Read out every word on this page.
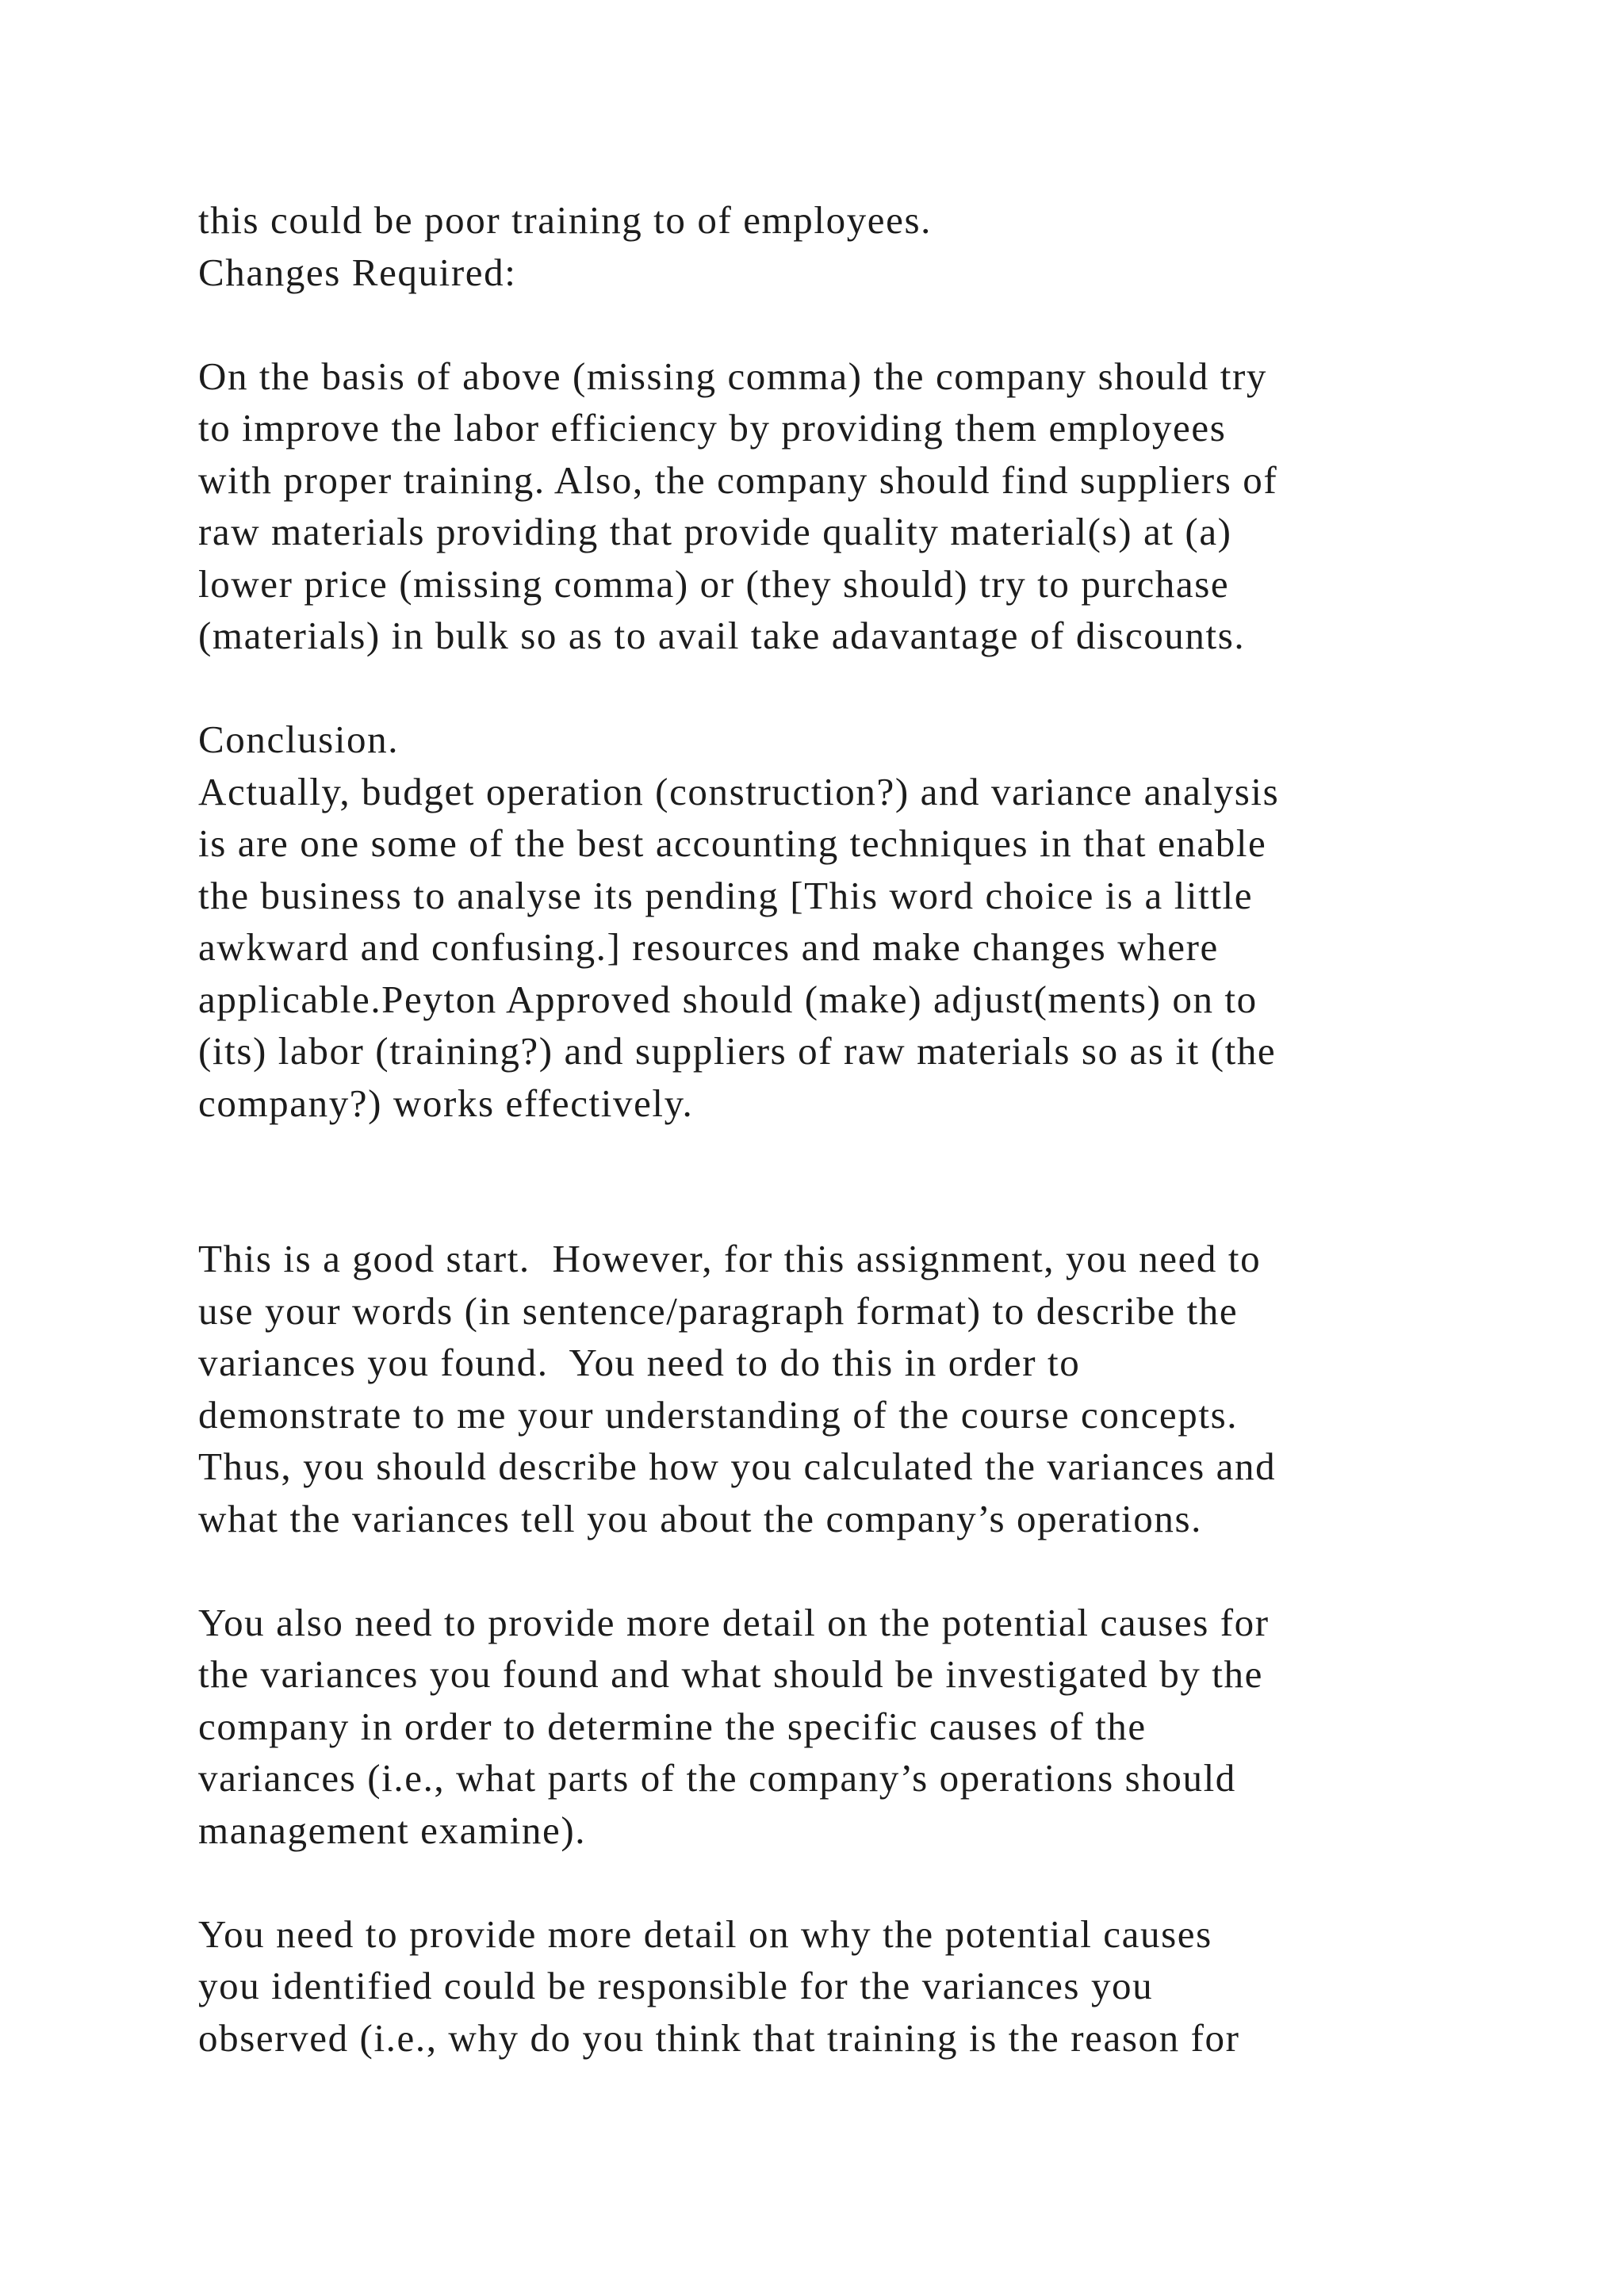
this could be poor training to of employees.
Changes Required:
On the basis of above (missing comma) the company should try
to improve the labor efficiency by providing them employees
with proper training. Also, the company should find suppliers of
raw materials providing that provide quality material(s) at (a)
lower price (missing comma) or (they should) try to purchase
(materials) in bulk so as to avail take adavantage of discounts.
Conclusion.
Actually, budget operation (construction?) and variance analysis
is are one some of the best accounting techniques in that enable
the business to analyse its pending [This word choice is a little
awkward and confusing.] resources and make changes where
applicable.Peyton Approved should (make) adjust(ments) on to
(its) labor (training?) and suppliers of raw materials so as it (the
company?) works effectively.
This is a good start.  However, for this assignment, you need to
use your words (in sentence/paragraph format) to describe the
variances you found.  You need to do this in order to
demonstrate to me your understanding of the course concepts.
Thus, you should describe how you calculated the variances and
what the variances tell you about the company’s operations.
You also need to provide more detail on the potential causes for
the variances you found and what should be investigated by the
company in order to determine the specific causes of the
variances (i.e., what parts of the company’s operations should
management examine).
You need to provide more detail on why the potential causes
you identified could be responsible for the variances you
observed (i.e., why do you think that training is the reason for
